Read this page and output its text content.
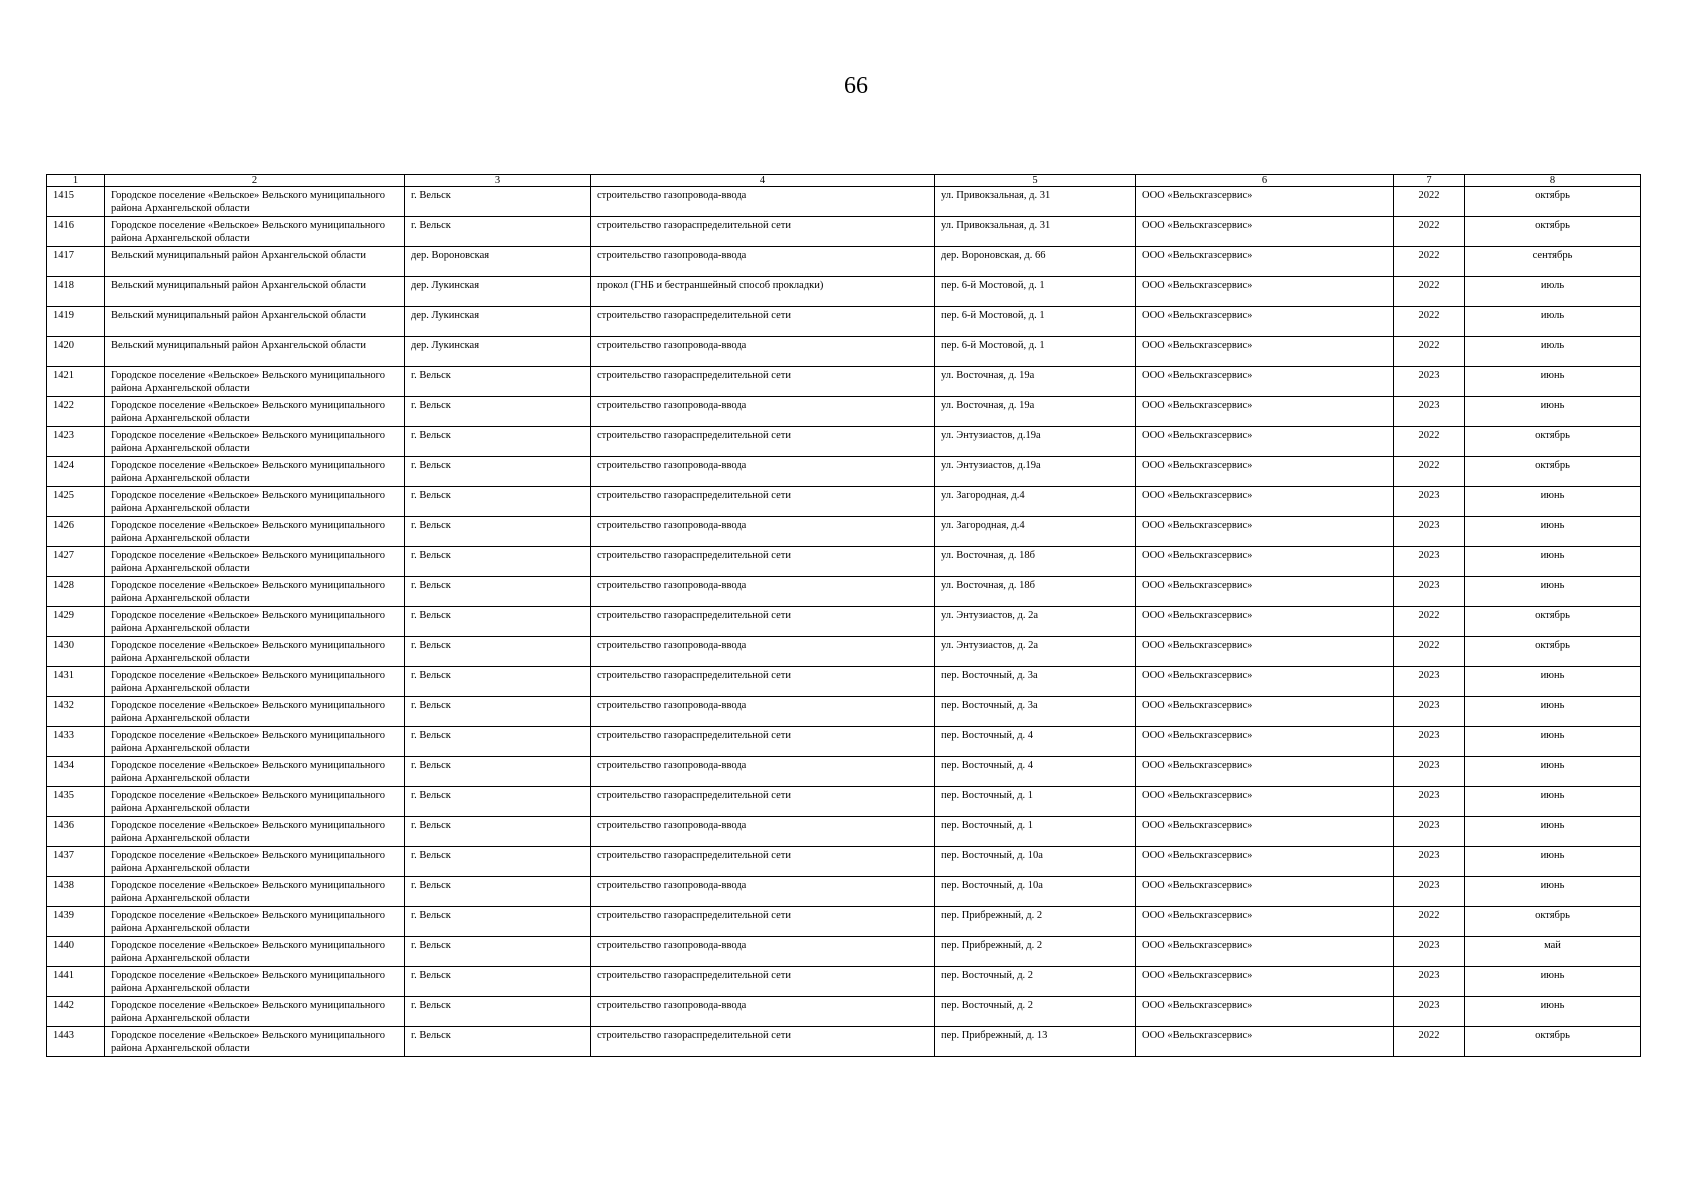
66
1	2	3	4	5	6	7	8
1415	Городское поселение «Вельское» Вельского муниципального района Архангельской области	г. Вельск	строительство газопровода-ввода	ул. Привокзальная, д. 31	ООО «Вельскгазсервис»	2022	октябрь
1416	Городское поселение «Вельское» Вельского муниципального района Архангельской области	г. Вельск	строительство газораспределительной сети	ул. Привокзальная, д. 31	ООО «Вельскгазсервис»	2022	октябрь
1417	Вельский муниципальный район Архангельской области	дер. Вороновская	строительство газопровода-ввода	дер. Вороновская, д. 66	ООО «Вельскгазсервис»	2022	сентябрь
1418	Вельский муниципальный район Архангельской области	дер. Лукинская	прокол (ГНБ и бестраншейный способ прокладки)	пер. 6-й Мостовой, д. 1	ООО «Вельскгазсервис»	2022	июль
1419	Вельский муниципальный район Архангельской области	дер. Лукинская	строительство газораспределительной сети	пер. 6-й Мостовой, д. 1	ООО «Вельскгазсервис»	2022	июль
1420	Вельский муниципальный район Архангельской области	дер. Лукинская	строительство газопровода-ввода	пер. 6-й Мостовой, д. 1	ООО «Вельскгазсервис»	2022	июль
1421	Городское поселение «Вельское» Вельского муниципального района Архангельской области	г. Вельск	строительство газораспределительной сети	ул. Восточная, д. 19а	ООО «Вельскгазсервис»	2023	июнь
1422	Городское поселение «Вельское» Вельского муниципального района Архангельской области	г. Вельск	строительство газопровода-ввода	ул. Восточная, д. 19а	ООО «Вельскгазсервис»	2023	июнь
1423	Городское поселение «Вельское» Вельского муниципального района Архангельской области	г. Вельск	строительство газораспределительной сети	ул. Энтузиастов, д.19а	ООО «Вельскгазсервис»	2022	октябрь
1424	Городское поселение «Вельское» Вельского муниципального района Архангельской области	г. Вельск	строительство газопровода-ввода	ул. Энтузиастов, д.19а	ООО «Вельскгазсервис»	2022	октябрь
1425	Городское поселение «Вельское» Вельского муниципального района Архангельской области	г. Вельск	строительство газораспределительной сети	ул. Загородная, д.4	ООО «Вельскгазсервис»	2023	июнь
1426	Городское поселение «Вельское» Вельского муниципального района Архангельской области	г. Вельск	строительство газопровода-ввода	ул. Загородная, д.4	ООО «Вельскгазсервис»	2023	июнь
1427	Городское поселение «Вельское» Вельского муниципального района Архангельской области	г. Вельск	строительство газораспределительной сети	ул. Восточная, д. 18б	ООО «Вельскгазсервис»	2023	июнь
1428	Городское поселение «Вельское» Вельского муниципального района Архангельской области	г. Вельск	строительство газопровода-ввода	ул. Восточная, д. 18б	ООО «Вельскгазсервис»	2023	июнь
1429	Городское поселение «Вельское» Вельского муниципального района Архангельской области	г. Вельск	строительство газораспределительной сети	ул. Энтузиастов, д. 2а	ООО «Вельскгазсервис»	2022	октябрь
1430	Городское поселение «Вельское» Вельского муниципального района Архангельской области	г. Вельск	строительство газопровода-ввода	ул. Энтузиастов, д. 2а	ООО «Вельскгазсервис»	2022	октябрь
1431	Городское поселение «Вельское» Вельского муниципального района Архангельской области	г. Вельск	строительство газораспределительной сети	пер. Восточный, д. 3а	ООО «Вельскгазсервис»	2023	июнь
1432	Городское поселение «Вельское» Вельского муниципального района Архангельской области	г. Вельск	строительство газопровода-ввода	пер. Восточный, д. 3а	ООО «Вельскгазсервис»	2023	июнь
1433	Городское поселение «Вельское» Вельского муниципального района Архангельской области	г. Вельск	строительство газораспределительной сети	пер. Восточный, д. 4	ООО «Вельскгазсервис»	2023	июнь
1434	Городское поселение «Вельское» Вельского муниципального района Архангельской области	г. Вельск	строительство газопровода-ввода	пер. Восточный, д. 4	ООО «Вельскгазсервис»	2023	июнь
1435	Городское поселение «Вельское» Вельского муниципального района Архангельской области	г. Вельск	строительство газораспределительной сети	пер. Восточный, д. 1	ООО «Вельскгазсервис»	2023	июнь
1436	Городское поселение «Вельское» Вельского муниципального района Архангельской области	г. Вельск	строительство газопровода-ввода	пер. Восточный, д. 1	ООО «Вельскгазсервис»	2023	июнь
1437	Городское поселение «Вельское» Вельского муниципального района Архангельской области	г. Вельск	строительство газораспределительной сети	пер. Восточный, д. 10а	ООО «Вельскгазсервис»	2023	июнь
1438	Городское поселение «Вельское» Вельского муниципального района Архангельской области	г. Вельск	строительство газопровода-ввода	пер. Восточный, д. 10а	ООО «Вельскгазсервис»	2023	июнь
1439	Городское поселение «Вельское» Вельского муниципального района Архангельской области	г. Вельск	строительство газораспределительной сети	пер. Прибрежный, д. 2	ООО «Вельскгазсервис»	2022	октябрь
1440	Городское поселение «Вельское» Вельского муниципального района Архангельской области	г. Вельск	строительство газопровода-ввода	пер. Прибрежный, д. 2	ООО «Вельскгазсервис»	2023	май
1441	Городское поселение «Вельское» Вельского муниципального района Архангельской области	г. Вельск	строительство газораспределительной сети	пер. Восточный, д. 2	ООО «Вельскгазсервис»	2023	июнь
1442	Городское поселение «Вельское» Вельского муниципального района Архангельской области	г. Вельск	строительство газопровода-ввода	пер. Восточный, д. 2	ООО «Вельскгазсервис»	2023	июнь
1443	Городское поселение «Вельское» Вельского муниципального района Архангельской области	г. Вельск	строительство газораспределительной сети	пер. Прибрежный, д. 13	ООО «Вельскгазсервис»	2022	октябрь
